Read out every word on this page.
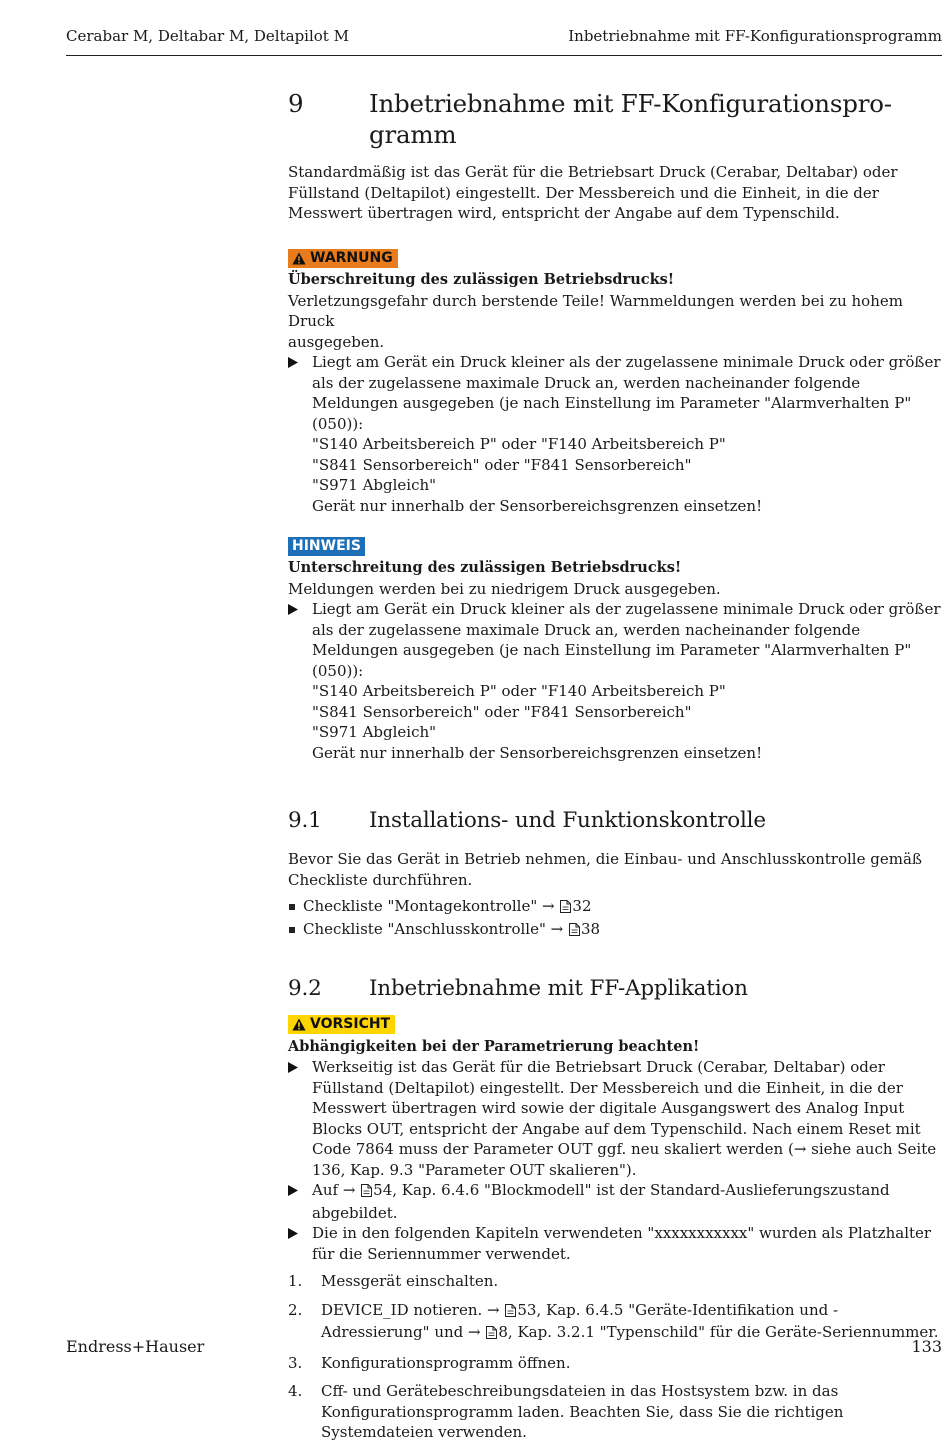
Cerabar M, Deltabar M, Deltapilot M	Inbetriebnahme mit FF-Konfigurationsprogramm
9	Inbetriebnahme mit FF-Konfigurationspro-
gramm

Standardmäßig ist das Gerät für die Betriebsart Druck (Cerabar, Deltabar) oder Füllstand (Deltapilot) eingestellt. Der Messbereich und die Einheit, in die der Messwert übertragen wird, entspricht der Angabe auf dem Typenschild.

WARNUNG
Überschreitung des zulässigen Betriebsdrucks!
Verletzungsgefahr durch berstende Teile! Warnmeldungen werden bei zu hohem Druck
ausgegeben.
Liegt am Gerät ein Druck kleiner als der zugelassene minimale Druck oder größer als der zugelassene maximale Druck an, werden nacheinander folgende Meldungen ausgegeben (je nach Einstellung im Parameter "Alarmverhalten P" (050)):
"S140 Arbeitsbereich P" oder "F140 Arbeitsbereich P"
"S841 Sensorbereich" oder "F841 Sensorbereich"
"S971 Abgleich"
Gerät nur innerhalb der Sensorbereichsgrenzen einsetzen!
HINWEIS
Unterschreitung des zulässigen Betriebsdrucks!
Meldungen werden bei zu niedrigem Druck ausgegeben.
Liegt am Gerät ein Druck kleiner als der zugelassene minimale Druck oder größer als der zugelassene maximale Druck an, werden nacheinander folgende Meldungen ausgegeben (je nach Einstellung im Parameter "Alarmverhalten P" (050)):
"S140 Arbeitsbereich P" oder "F140 Arbeitsbereich P"
"S841 Sensorbereich" oder "F841 Sensorbereich"
"S971 Abgleich"
Gerät nur innerhalb der Sensorbereichsgrenzen einsetzen!
9.1	Installations- und Funktionskontrolle

Bevor Sie das Gerät in Betrieb nehmen, die Einbau- und Anschlusskontrolle gemäß Checkliste durchführen.

Checkliste "Montagekontrolle" → 32
Checkliste "Anschlusskontrolle" → 38
9.2	Inbetriebnahme mit FF-Applikation
VORSICHT
Abhängigkeiten bei der Parametrierung beachten!
Werkseitig ist das Gerät für die Betriebsart Druck (Cerabar, Deltabar) oder Füllstand (Deltapilot) eingestellt. Der Messbereich und die Einheit, in die der Messwert übertragen wird sowie der digitale Ausgangswert des Analog Input Blocks OUT, entspricht der Angabe auf dem Typenschild. Nach einem Reset mit Code 7864 muss der Parameter OUT ggf. neu skaliert werden (→ siehe auch Seite 136, Kap. 9.3 "Parameter OUT skalieren").
Auf → 54, Kap. 6.4.6 "Blockmodell" ist der Standard-Auslieferungszustand abgebildet.
Die in den folgenden Kapiteln verwendeten "xxxxxxxxxxx" wurden als Platzhalter für die Seriennummer verwendet.
1.	Messgerät einschalten.
2.	DEVICE_ID notieren. → 53, Kap. 6.4.5 "Geräte-Identifikation und -Adressierung" und → 8, Kap. 3.2.1 "Typenschild" für die Geräte-Seriennummer.
3.	Konfigurationsprogramm öffnen.
4.	Cff- und Gerätebeschreibungsdateien in das Hostsystem bzw. in das Konfigurationsprogramm laden. Beachten Sie, dass Sie die richtigen Systemdateien verwenden.
Endress+Hauser	133
